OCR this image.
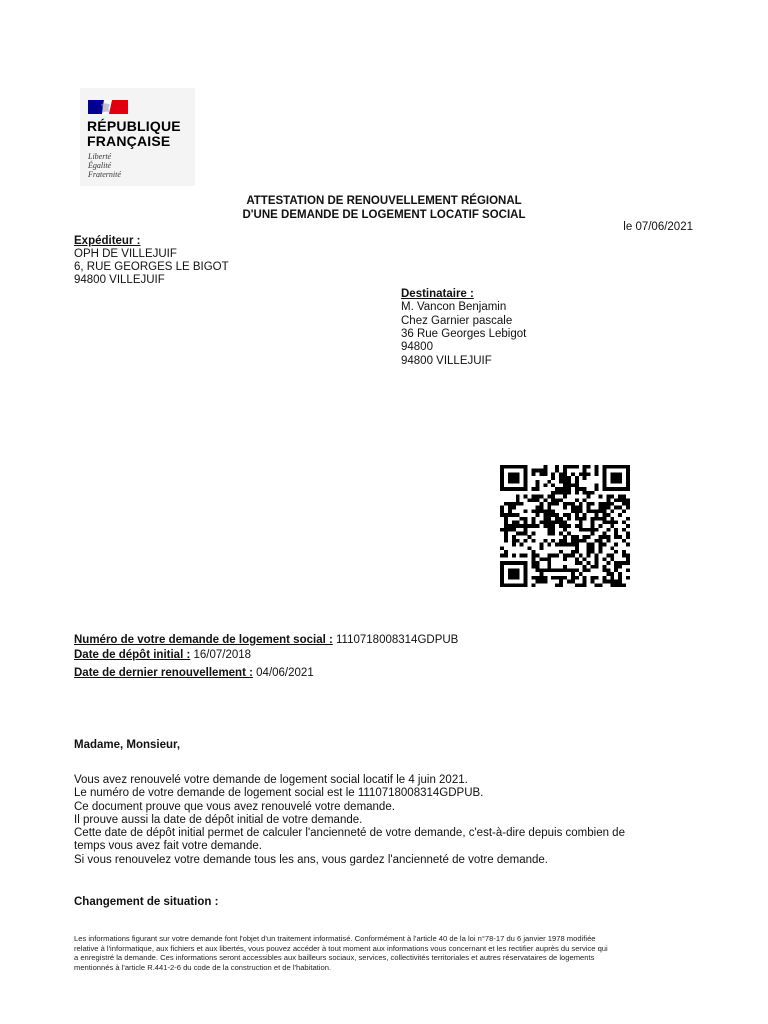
RÉPUBLIQUE
FRANÇAISE
Liberté
Égalité
Fraternité
ATTESTATION DE RENOUVELLEMENT RÉGIONAL
D'UNE DEMANDE DE LOGEMENT LOCATIF SOCIAL
le 07/06/2021
Expéditeur :
OPH DE VILLEJUIF
6, RUE GEORGES LE BIGOT
94800 VILLEJUIF
Destinataire :
M. Vancon Benjamin
Chez Garnier pascale
36 Rue Georges Lebigot
94800
94800 VILLEJUIF
Numéro de votre demande de logement social : 1110718008314GDPUB
Date de dépôt initial : 16/07/2018
Date de dernier renouvellement : 04/06/2021
Madame, Monsieur,
Vous avez renouvelé votre demande de logement social locatif le 4 juin 2021.
Le numéro de votre demande de logement social est le 1110718008314GDPUB.
Ce document prouve que vous avez renouvelé votre demande.
Il prouve aussi la date de dépôt initial de votre demande.
Cette date de dépôt initial permet de calculer l'ancienneté de votre demande, c'est-à-dire depuis combien de
temps vous avez fait votre demande.
Si vous renouvelez votre demande tous les ans, vous gardez l'ancienneté de votre demande.
Changement de situation :
Les informations figurant sur votre demande font l'objet d'un traitement informatisé. Conformément à l'article 40 de la loi n°78-17 du 6 janvier 1978 modifiée
relative à l'informatique, aux fichiers et aux libertés, vous pouvez accéder à tout moment aux informations vous concernant et les rectifier auprès du service qui
a enregistré la demande. Ces informations seront accessibles aux bailleurs sociaux, services, collectivités territoriales et autres réservataires de logements
mentionnés à l'article R.441-2-6 du code de la construction et de l'habitation.
